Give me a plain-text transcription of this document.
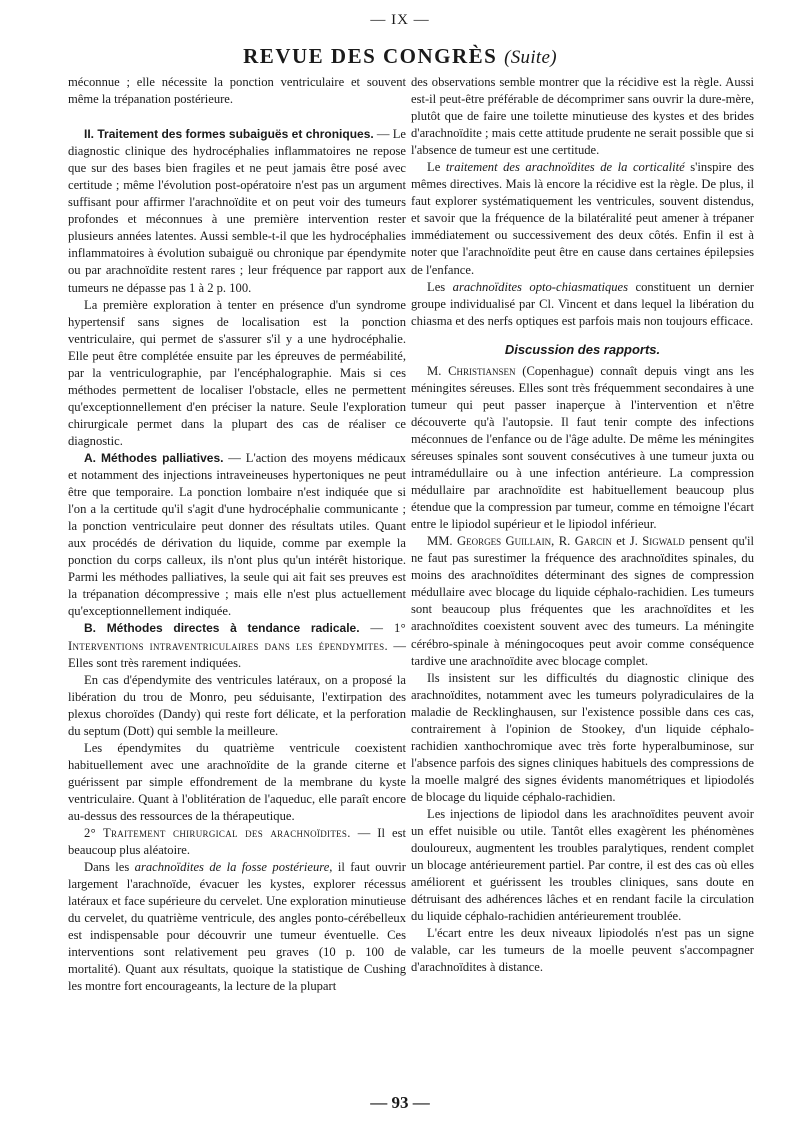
— IX —
REVUE DES CONGRÈS (Suite)

méconnue ; elle nécessite la ponction ventriculaire et souvent même la trépanation postérieure.

II. Traitement des formes subaiguës et chroniques. — Le diagnostic clinique des hydrocéphalies inflammatoires ne repose que sur des bases bien fragiles et ne peut jamais être posé avec certitude ; même l'évolution post-opératoire n'est pas un argument suffisant pour affirmer l'arachnoïdite et on peut voir des tumeurs profondes et méconnues à une première intervention rester plusieurs années latentes. Aussi semble-t-il que les hydrocéphalies inflammatoires à évolution subaiguë ou chronique par épendymite ou par arachnoïdite restent rares ; leur fréquence par rapport aux tumeurs ne dépasse pas 1 à 2 p. 100.

La première exploration à tenter en présence d'un syndrome hypertensif sans signes de localisation est la ponction ventriculaire, qui permet de s'assurer s'il y a une hydrocéphalie. Elle peut être complétée ensuite par les épreuves de perméabilité, par la ventriculographie, par l'encéphalographie. Mais si ces méthodes permettent de localiser l'obstacle, elles ne permettent qu'exceptionnellement d'en préciser la nature. Seule l'exploration chirurgicale permet dans la plupart des cas de réaliser ce diagnostic.

A. Méthodes palliatives. — L'action des moyens médicaux et notamment des injections intraveineuses hypertoniques ne peut être que temporaire. La ponction lombaire n'est indiquée que si l'on a la certitude qu'il s'agit d'une hydrocéphalie communicante ; la ponction ventriculaire peut donner des résultats utiles. Quant aux procédés de dérivation du liquide, comme par exemple la ponction du corps calleux, ils n'ont plus qu'un intérêt historique. Parmi les méthodes palliatives, la seule qui ait fait ses preuves est la trépanation décompressive ; mais elle n'est plus actuellement qu'exceptionnellement indiquée.

B. Méthodes directes à tendance radicale. — 1° Interventions intraventriculaires dans les épendymites. — Elles sont très rarement indiquées.

En cas d'épendymite des ventricules latéraux, on a proposé la libération du trou de Monro, peu séduisante, l'extirpation des plexus choroïdes (Dandy) qui reste fort délicate, et la perforation du septum (Dott) qui semble la meilleure.

Les épendymites du quatrième ventricule coexistent habituellement avec une arachnoïdite de la grande citerne et guérissent par simple effondrement de la membrane du kyste ventriculaire. Quant à l'oblitération de l'aqueduc, elle paraît encore au-dessus des ressources de la thérapeutique.

2° Traitement chirurgical des arachnoïdites. — Il est beaucoup plus aléatoire.

Dans les arachnoïdites de la fosse postérieure, il faut ouvrir largement l'arachnoïde, évacuer les kystes, explorer récessus latéraux et face supérieure du cervelet. Une exploration minutieuse du cervelet, du quatrième ventricule, des angles ponto-cérébelleux est indispensable pour découvrir une tumeur éventuelle. Ces interventions sont relativement peu graves (10 p. 100 de mortalité). Quant aux résultats, quoique la statistique de Cushing les montre fort encourageants, la lecture de la plupart

des observations semble montrer que la récidive est la règle. Aussi est-il peut-être préférable de décomprimer sans ouvrir la dure-mère, plutôt que de faire une toilette minutieuse des kystes et des brides d'arachnoïdite ; mais cette attitude prudente ne serait possible que si l'absence de tumeur est une certitude.

Le traitement des arachnoïdites de la corticalité s'inspire des mêmes directives. Mais là encore la récidive est la règle. De plus, il faut explorer systématiquement les ventricules, souvent distendus, et savoir que la fréquence de la bilatéralité peut amener à trépaner immédiatement ou successivement des deux côtés. Enfin il est à noter que l'arachnoïdite peut être en cause dans certaines épilepsies de l'enfance.

Les arachnoïdites opto-chiasmatiques constituent un dernier groupe individualisé par Cl. Vincent et dans lequel la libération du chiasma et des nerfs optiques est parfois mais non toujours efficace.

Discussion des rapports.

M. Christiansen (Copenhague) connaît depuis vingt ans les méningites séreuses. Elles sont très fréquemment secondaires à une tumeur qui peut passer inaperçue à l'intervention et n'être découverte qu'à l'autopsie. Il faut tenir compte des infections méconnues de l'enfance ou de l'âge adulte. De même les méningites séreuses spinales sont souvent consécutives à une tumeur juxta ou intramédullaire ou à une infection antérieure. La compression médullaire par arachnoïdite est habituellement beaucoup plus étendue que la compression par tumeur, comme en témoigne l'écart entre le lipiodol supérieur et le lipiodol inférieur.

MM. Georges Guillain, R. Garcin et J. Sigwald pensent qu'il ne faut pas surestimer la fréquence des arachnoïdites spinales, du moins des arachnoïdites déterminant des signes de compression médullaire avec blocage du liquide céphalo-rachidien. Les tumeurs sont beaucoup plus fréquentes que les arachnoïdites et les arachnoïdites coexistent souvent avec des tumeurs. La méningite cérébro-spinale à méningocoques peut avoir comme conséquence tardive une arachnoïdite avec blocage complet.

Ils insistent sur les difficultés du diagnostic clinique des arachnoïdites, notamment avec les tumeurs polyradiculaires de la maladie de Recklinghausen, sur l'existence possible dans ces cas, contrairement à l'opinion de Stookey, d'un liquide céphalo-rachidien xanthochromique avec très forte hyperalbuminose, sur l'absence parfois des signes cliniques habituels des compressions de la moelle malgré des signes évidents manométriques et lipiodolés de blocage du liquide céphalo-rachidien.

Les injections de lipiodol dans les arachnoïdites peuvent avoir un effet nuisible ou utile. Tantôt elles exagèrent les phénomènes douloureux, augmentent les troubles paralytiques, rendent complet un blocage antérieurement partiel. Par contre, il est des cas où elles améliorent et guérissent les troubles cliniques, sans doute en détruisant des adhérences lâches et en rendant facile la circulation du liquide céphalo-rachidien antérieurement troublée.

L'écart entre les deux niveaux lipiodolés n'est pas un signe valable, car les tumeurs de la moelle peuvent s'accompagner d'arachnoïdites à distance.

— 93 —
